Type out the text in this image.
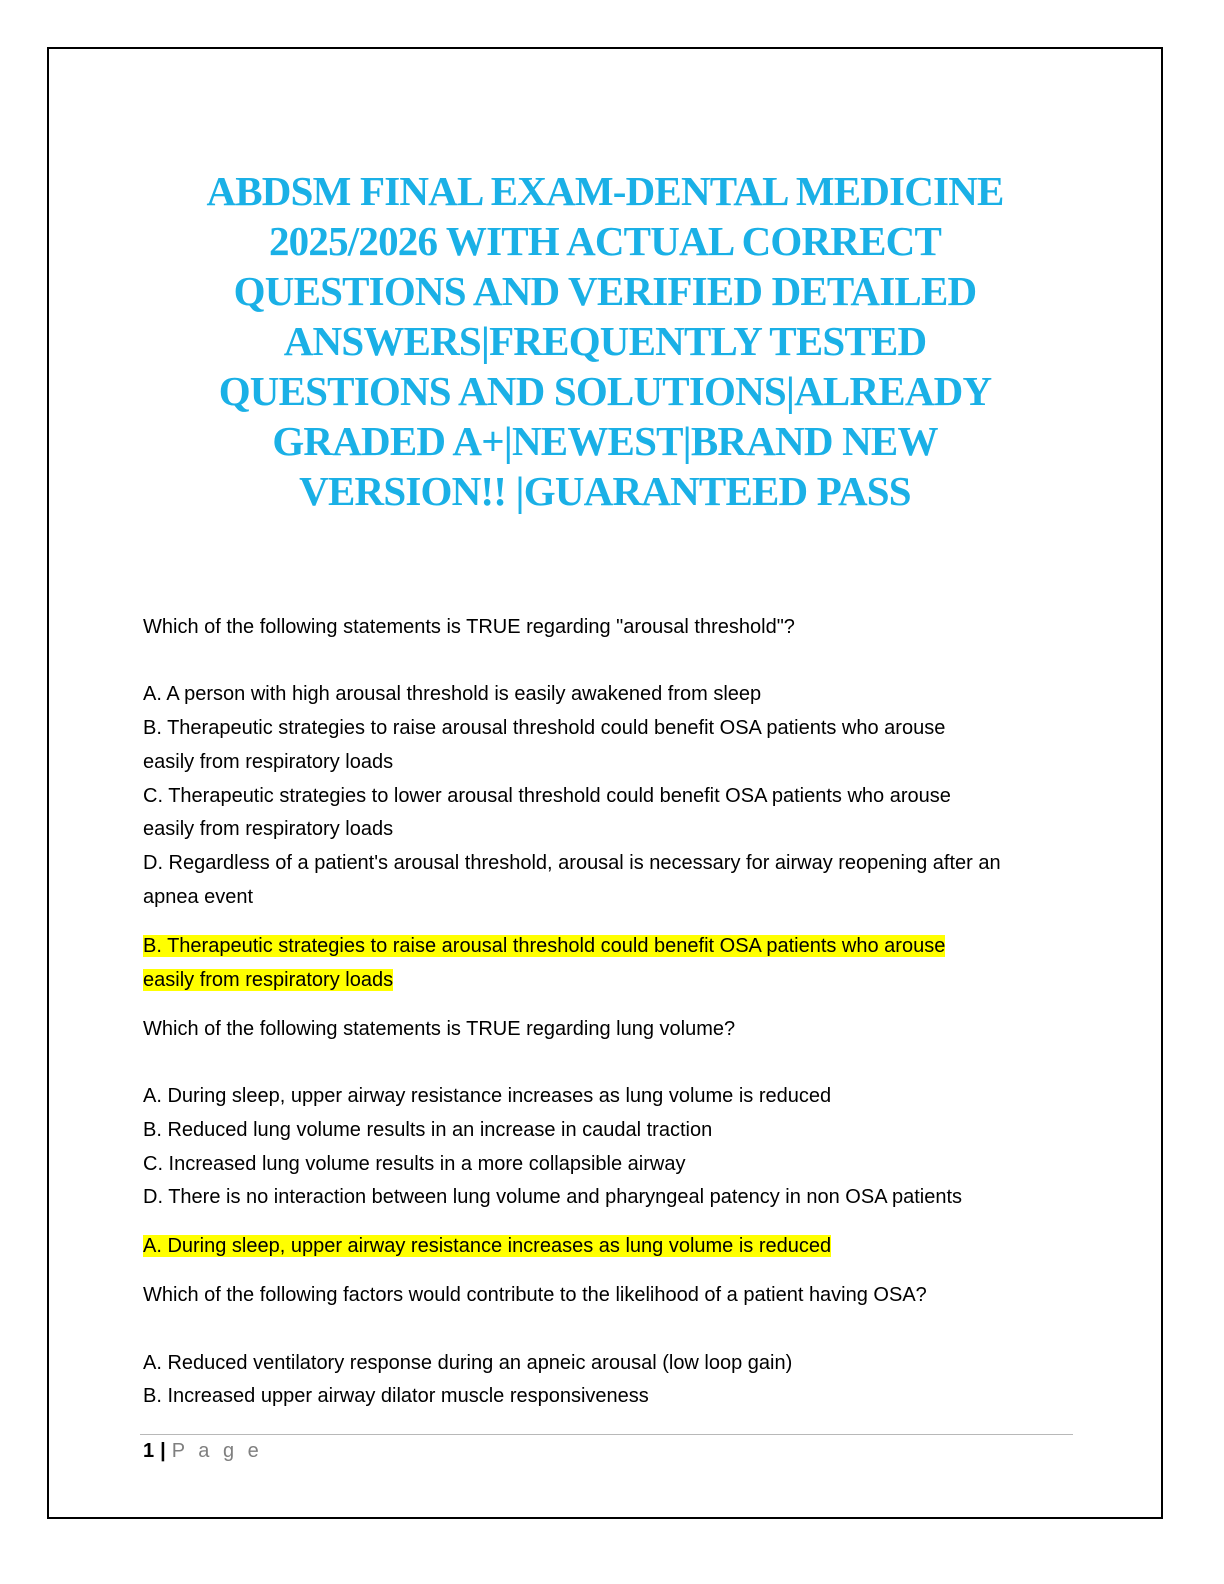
ABDSM FINAL EXAM-DENTAL MEDICINE
2025/2026 WITH ACTUAL CORRECT
QUESTIONS AND VERIFIED DETAILED
ANSWERS|FREQUENTLY TESTED
QUESTIONS AND SOLUTIONS|ALREADY
GRADED A+|NEWEST|BRAND NEW
VERSION!! |GUARANTEED PASS
Which of the following statements is TRUE regarding "arousal threshold"?
A. A person with high arousal threshold is easily awakened from sleep
B. Therapeutic strategies to raise arousal threshold could benefit OSA patients who arouse
easily from respiratory loads
C. Therapeutic strategies to lower arousal threshold could benefit OSA patients who arouse
easily from respiratory loads
D. Regardless of a patient's arousal threshold, arousal is necessary for airway reopening after an
apnea event
B. Therapeutic strategies to raise arousal threshold could benefit OSA patients who arouse
easily from respiratory loads
Which of the following statements is TRUE regarding lung volume?
A. During sleep, upper airway resistance increases as lung volume is reduced
B. Reduced lung volume results in an increase in caudal traction
C. Increased lung volume results in a more collapsible airway
D. There is no interaction between lung volume and pharyngeal patency in non OSA patients
A. During sleep, upper airway resistance increases as lung volume is reduced
Which of the following factors would contribute to the likelihood of a patient having OSA?
A. Reduced ventilatory response during an apneic arousal (low loop gain)
B. Increased upper airway dilator muscle responsiveness
1 | P a g e
